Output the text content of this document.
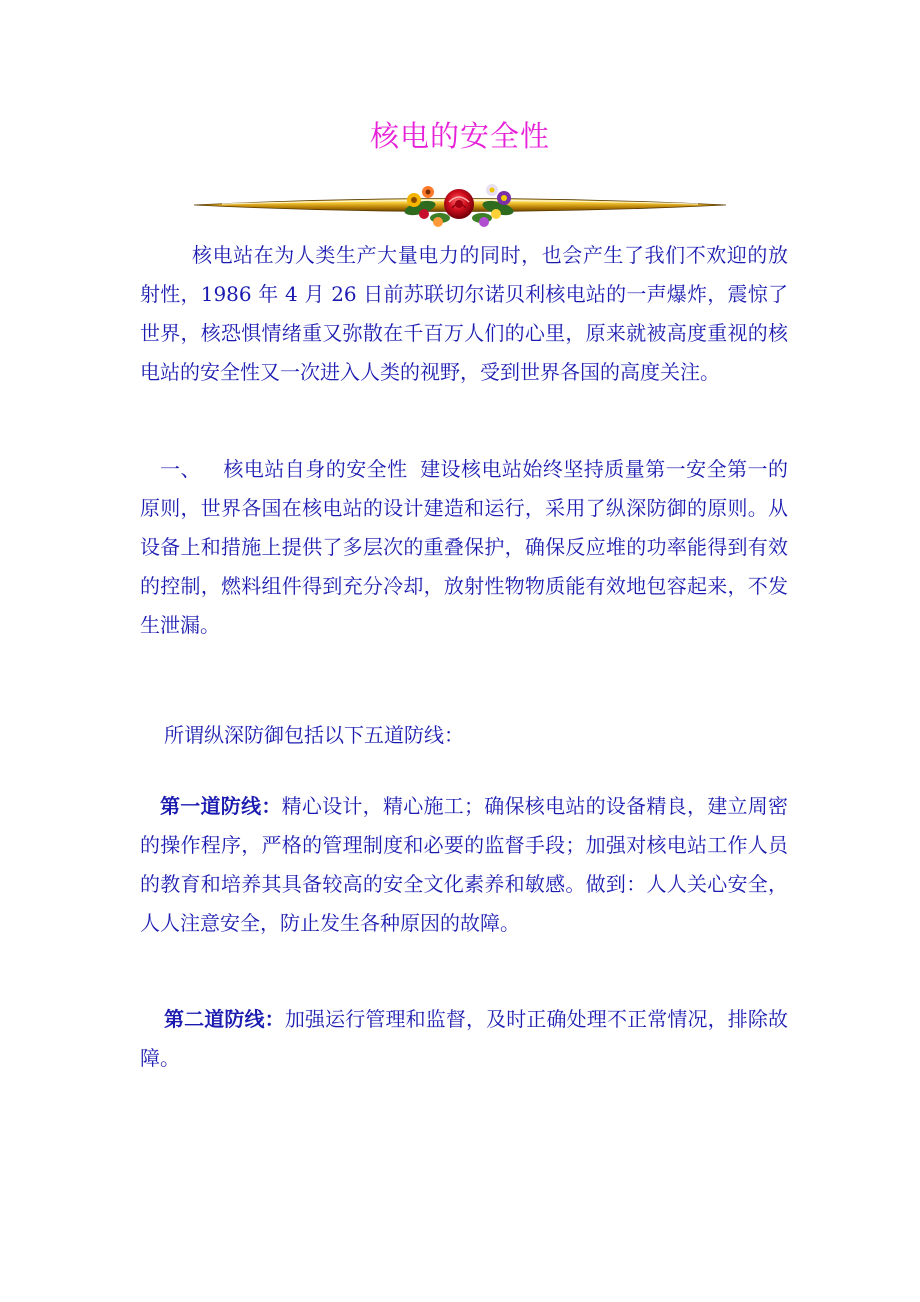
核电的安全性

核电站在为人类生产大量电力的同时，也会产生了我们不欢迎的放射性，1986 年 4 月 26 日前苏联切尔诺贝利核电站的一声爆炸，震惊了世界，核恐惧情绪重又弥散在千百万人们的心里，原来就被高度重视的核电站的安全性又一次进入人类的视野，受到世界各国的高度关注。

一、 核电站自身的安全性 建设核电站始终坚持质量第一安全第一的原则，世界各国在核电站的设计建造和运行，采用了纵深防御的原则。从设备上和措施上提供了多层次的重叠保护，确保反应堆的功率能得到有效的控制，燃料组件得到充分冷却，放射性物物质能有效地包容起来，不发生泄漏。

所谓纵深防御包括以下五道防线：

第一道防线：精心设计，精心施工；确保核电站的设备精良，建立周密的操作程序，严格的管理制度和必要的监督手段；加强对核电站工作人员的教育和培养其具备较高的安全文化素养和敏感。做到：人人关心安全，人人注意安全，防止发生各种原因的故障。

第二道防线：加强运行管理和监督，及时正确处理不正常情况，排除故障。
